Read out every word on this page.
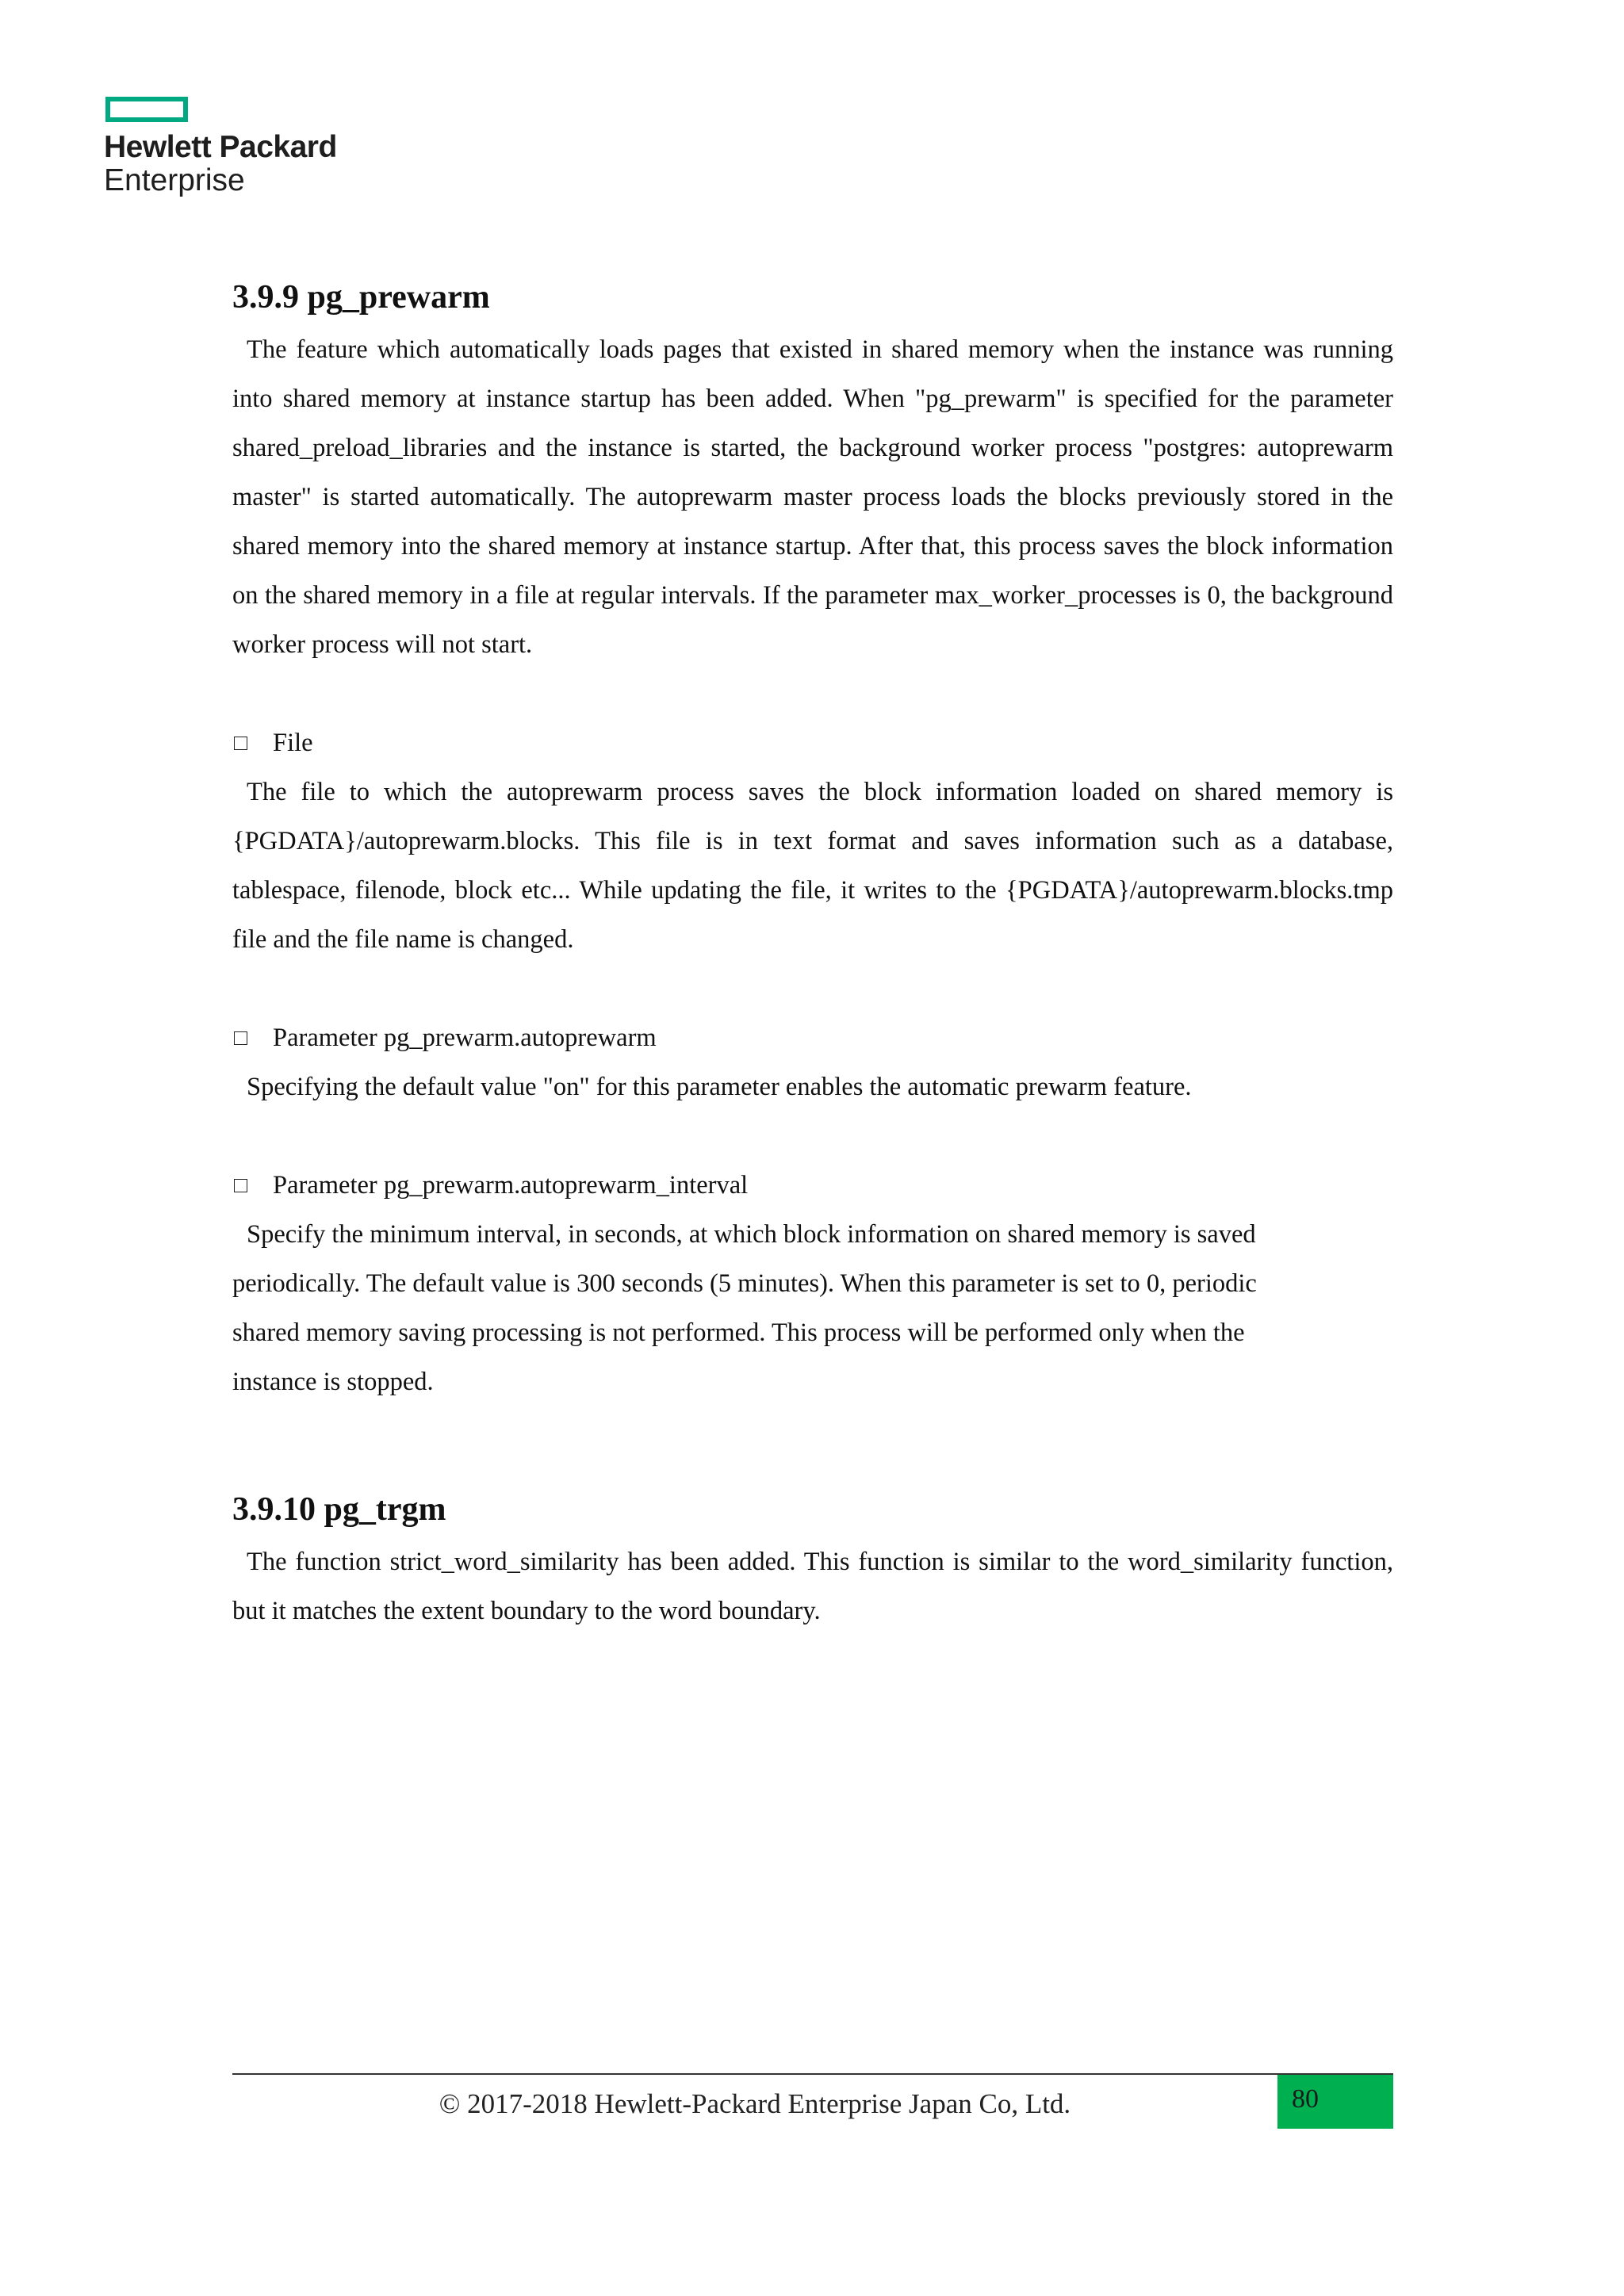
Hewlett Packard
Enterprise
3.9.9 pg_prewarm

The feature which automatically loads pages that existed in shared memory when the instance was running into shared memory at instance startup has been added. When "pg_prewarm" is specified for the parameter shared_preload_libraries and the instance is started, the background worker process "postgres: autoprewarm master" is started automatically. The autoprewarm master process loads the blocks previously stored in the shared memory into the shared memory at instance startup. After that, this process saves the block information on the shared memory in a file at regular intervals. If the parameter max_worker_processes is 0, the background worker process will not start.

File

The file to which the autoprewarm process saves the block information loaded on shared memory is {PGDATA}/autoprewarm.blocks. This file is in text format and saves information such as a database, tablespace, filenode, block etc... While updating the file, it writes to the {PGDATA}/autoprewarm.blocks.tmp file and the file name is changed.

Parameter pg_prewarm.autoprewarm

Specifying the default value "on" for this parameter enables the automatic prewarm feature.

Parameter pg_prewarm.autoprewarm_interval
Specify the minimum interval, in seconds, at which block information on shared memory is saved
periodically. The default value is 300 seconds (5 minutes). When this parameter is set to 0, periodic
shared memory saving processing is not performed. This process will be performed only when the
instance is stopped.
3.9.10 pg_trgm

The function strict_word_similarity has been added. This function is similar to the word_similarity function, but it matches the extent boundary to the word boundary.

© 2017-2018 Hewlett-Packard Enterprise Japan Co, Ltd.	80
